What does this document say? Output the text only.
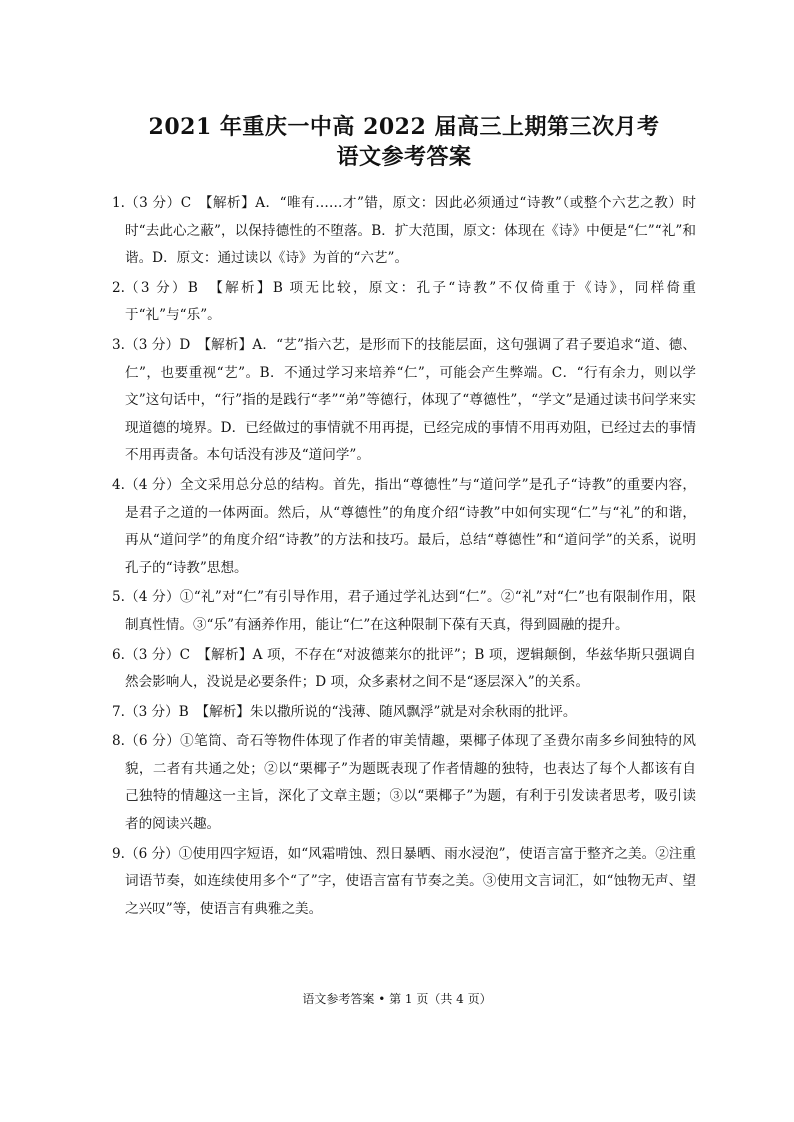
2021 年重庆一中高 2022 届高三上期第三次月考
语文参考答案
1. （3 分）C　【解析】A．“唯有……才”错，原文：因此必须通过“诗教”（或整个六艺之教）时时“去此心之蔽”，以保持德性的不堕落。B．扩大范围，原文：体现在《诗》中便是“仁”“礼”和谐。D．原文：通过读以《诗》为首的“六艺”。
2. （3 分）B　【解析】B 项无比较，原文：孔子“诗教”不仅倚重于《诗》，同样倚重于“礼”与“乐”。
3. （3 分）D　【解析】A．“艺”指六艺，是形而下的技能层面，这句强调了君子要追求“道、德、仁”，也要重视“艺”。B．不通过学习来培养“仁”，可能会产生弊端。C．“行有余力，则以学文”这句话中，“行”指的是践行“孝”“弟”等德行，体现了“尊德性”，“学文”是通过读书问学来实现道德的境界。D．已经做过的事情就不用再提，已经完成的事情不用再劝阻，已经过去的事情不用再责备。本句话没有涉及“道问学”。
4. （4 分）全文采用总分总的结构。首先，指出“尊德性”与“道问学”是孔子“诗教”的重要内容，是君子之道的一体两面。然后，从“尊德性”的角度介绍“诗教”中如何实现“仁”与“礼”的和谐，再从“道问学”的角度介绍“诗教”的方法和技巧。最后，总结“尊德性”和“道问学”的关系，说明孔子的“诗教”思想。
5. （4 分）①“礼”对“仁”有引导作用，君子通过学礼达到“仁”。②“礼”对“仁”也有限制作用，限制真性情。③“乐”有涵养作用，能让“仁”在这种限制下葆有天真，得到圆融的提升。
6. （3 分）C　【解析】A 项，不存在“对波德莱尔的批评”；B 项，逻辑颠倒，华兹华斯只强调自然会影响人，没说是必要条件；D 项，众多素材之间不是“逐层深入”的关系。
7. （3 分）B　【解析】朱以撒所说的“浅薄、随风飘浮”就是对余秋雨的批评。
8. （6 分）①笔筒、奇石等物件体现了作者的审美情趣，栗椰子体现了圣费尔南多乡间独特的风貌，二者有共通之处；②以“栗椰子”为题既表现了作者情趣的独特，也表达了每个人都该有自己独特的情趣这一主旨，深化了文章主题；③以“栗椰子”为题，有利于引发读者思考，吸引读者的阅读兴趣。
9. （6 分）①使用四字短语，如“风霜啃蚀、烈日暴晒、雨水浸泡”，使语言富于整齐之美。②注重词语节奏，如连续使用多个“了”字，使语言富有节奏之美。③使用文言词汇，如“蚀物无声、望之兴叹”等，使语言有典雅之美。
语文参考答案 • 第 1 页（共 4 页）
